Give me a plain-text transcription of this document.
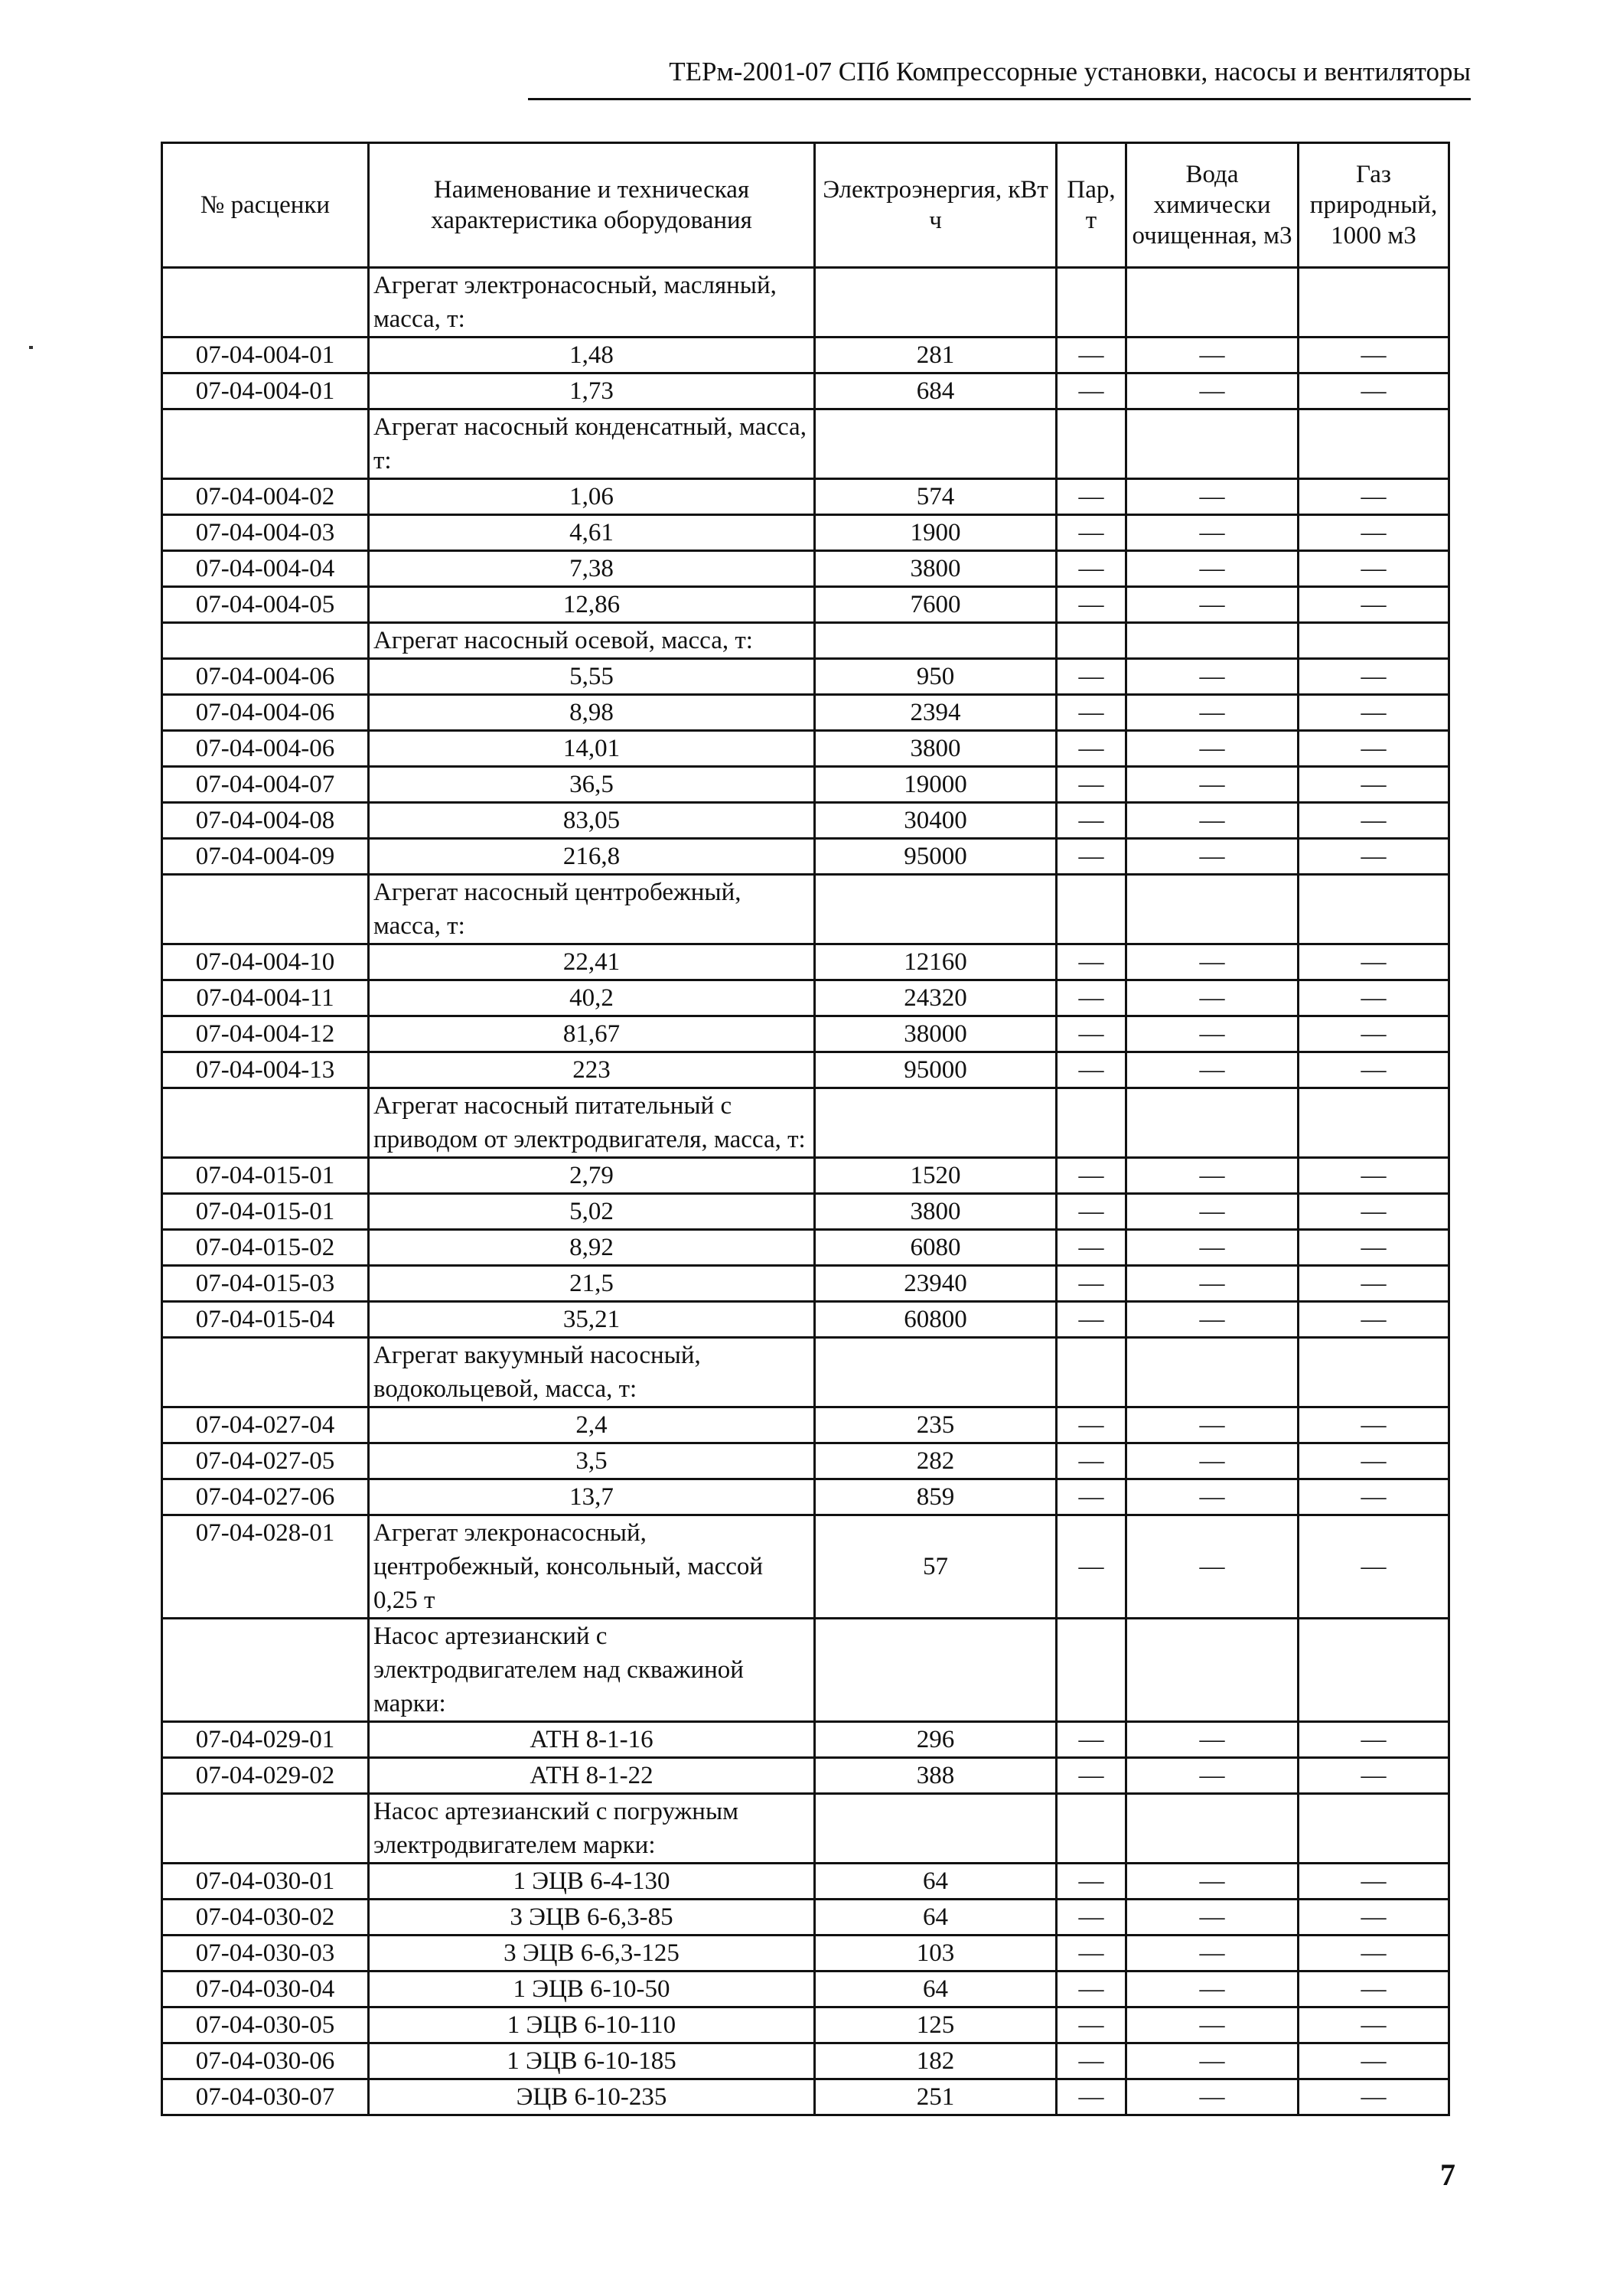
ТЕРм-2001-07 СПб Компрессорные установки, насосы и вентиляторы
№ расценки	Наименование и техническая характеристика оборудования	Электроэнергия, кВт ч	Пар, т	Вода химически очищенная, м3	Газ природный, 1000 м3
	Агрегат электронасосный, масляный, масса, т:				
07-04-004-01	1,48	281	—	—	—
07-04-004-01	1,73	684	—	—	—
	Агрегат насосный конденсатный, масса, т:				
07-04-004-02	1,06	574	—	—	—
07-04-004-03	4,61	1900	—	—	—
07-04-004-04	7,38	3800	—	—	—
07-04-004-05	12,86	7600	—	—	—
	Агрегат насосный осевой, масса, т:				
07-04-004-06	5,55	950	—	—	—
07-04-004-06	8,98	2394	—	—	—
07-04-004-06	14,01	3800	—	—	—
07-04-004-07	36,5	19000	—	—	—
07-04-004-08	83,05	30400	—	—	—
07-04-004-09	216,8	95000	—	—	—
	Агрегат насосный центробежный, масса, т:				
07-04-004-10	22,41	12160	—	—	—
07-04-004-11	40,2	24320	—	—	—
07-04-004-12	81,67	38000	—	—	—
07-04-004-13	223	95000	—	—	—
	Агрегат насосный питательный с приводом от электродвигателя, масса, т:				
07-04-015-01	2,79	1520	—	—	—
07-04-015-01	5,02	3800	—	—	—
07-04-015-02	8,92	6080	—	—	—
07-04-015-03	21,5	23940	—	—	—
07-04-015-04	35,21	60800	—	—	—
	Агрегат вакуумный насосный, водокольцевой, масса, т:				
07-04-027-04	2,4	235	—	—	—
07-04-027-05	3,5	282	—	—	—
07-04-027-06	13,7	859	—	—	—
07-04-028-01	Агрегат элекронасосный, центробежный, консольный, массой 0,25 т	57	—	—	—
	Насос артезианский с электродвигателем над скважиной марки:				
07-04-029-01	АТН 8-1-16	296	—	—	—
07-04-029-02	АТН 8-1-22	388	—	—	—
	Насос артезианский с погружным электродвигателем марки:				
07-04-030-01	1 ЭЦВ 6-4-130	64	—	—	—
07-04-030-02	3 ЭЦВ 6-6,3-85	64	—	—	—
07-04-030-03	3 ЭЦВ 6-6,3-125	103	—	—	—
07-04-030-04	1 ЭЦВ 6-10-50	64	—	—	—
07-04-030-05	1 ЭЦВ 6-10-110	125	—	—	—
07-04-030-06	1 ЭЦВ 6-10-185	182	—	—	—
07-04-030-07	ЭЦВ 6-10-235	251	—	—	—
7
